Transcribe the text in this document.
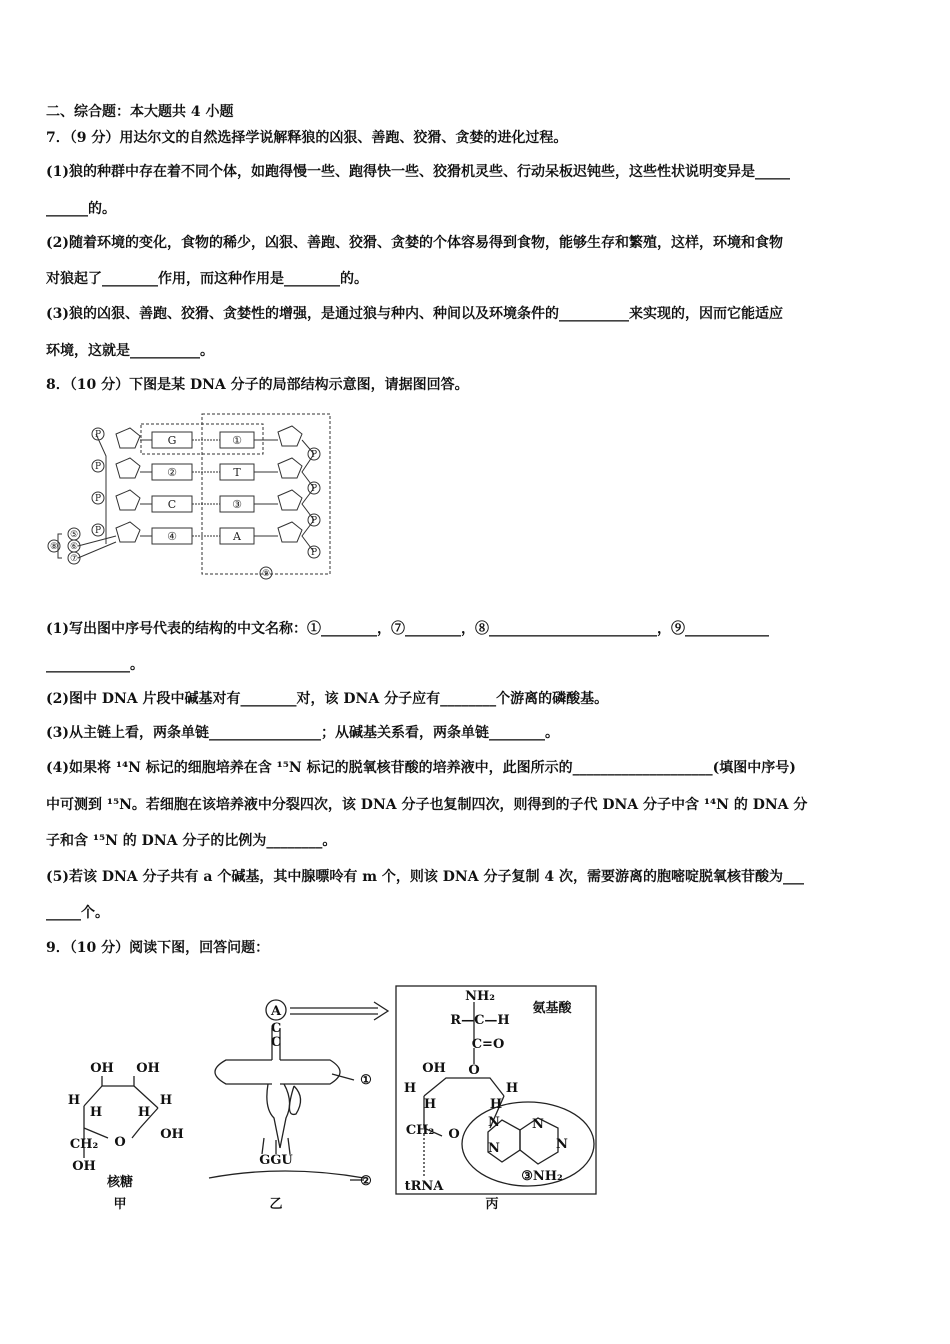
二、综合题：本大题共 4 小题
7．（9 分）用达尔文的自然选择学说解释狼的凶狠、善跑、狡猾、贪婪的进化过程。
(1)狼的种群中存在着不同个体，如跑得慢一些、跑得快一些、狡猾机灵些、行动呆板迟钝些，这些性状说明变异是_____
______的。
(2)随着环境的变化，食物的稀少，凶狠、善跑、狡猾、贪婪的个体容易得到食物，能够生存和繁殖，这样，环境和食物
对狼起了________作用，而这种作用是________的。
(3)狼的凶狠、善跑、狡猾、贪婪性的增强，是通过狼与种内、种间以及环境条件的__________来实现的，因而它能适应
环境，这就是__________。
8．（10 分）下图是某 DNA 分子的局部结构示意图，请据图回答。
P
P
P
P
P
P
P
P
G
②
C
④
①
T
③
A
⑤
⑥
⑦
⑧
⑨
(1)写出图中序号代表的结构的中文名称：①________，⑦________，⑧________________________，⑨____________
____________。
(2)图中 DNA 片段中碱基对有________对，该 DNA 分子应有________个游离的磷酸基。
(3)从主链上看，两条单链________________；从碱基关系看，两条单链________。
(4)如果将 ¹⁴N 标记的细胞培养在含 ¹⁵N 标记的脱氧核苷酸的培养液中，此图所示的____________________(填图中序号)
中可测到 ¹⁵N。若细胞在该培养液中分裂四次，该 DNA 分子也复制四次，则得到的子代 DNA 分子中含 ¹⁴N 的 DNA 分
子和含 ¹⁵N 的 DNA 分子的比例为________。
(5)若该 DNA 分子共有 a 个碱基，其中腺嘌呤有 m 个，则该 DNA 分子复制 4 次，需要游离的胞嘧啶脱氧核苷酸为___
_____个。
9．（10 分）阅读下图，回答问题：
OH OH
H
H	H
H
OH
CH₂ O
OH
核糖
甲
A
C
C
GGU
①
②
乙
NH₂
R—C—H
氨基酸
C=O
O
OH
H
H	H
H
CH₂ O
N
N
N
N
③NH₂
tRNA
丙
